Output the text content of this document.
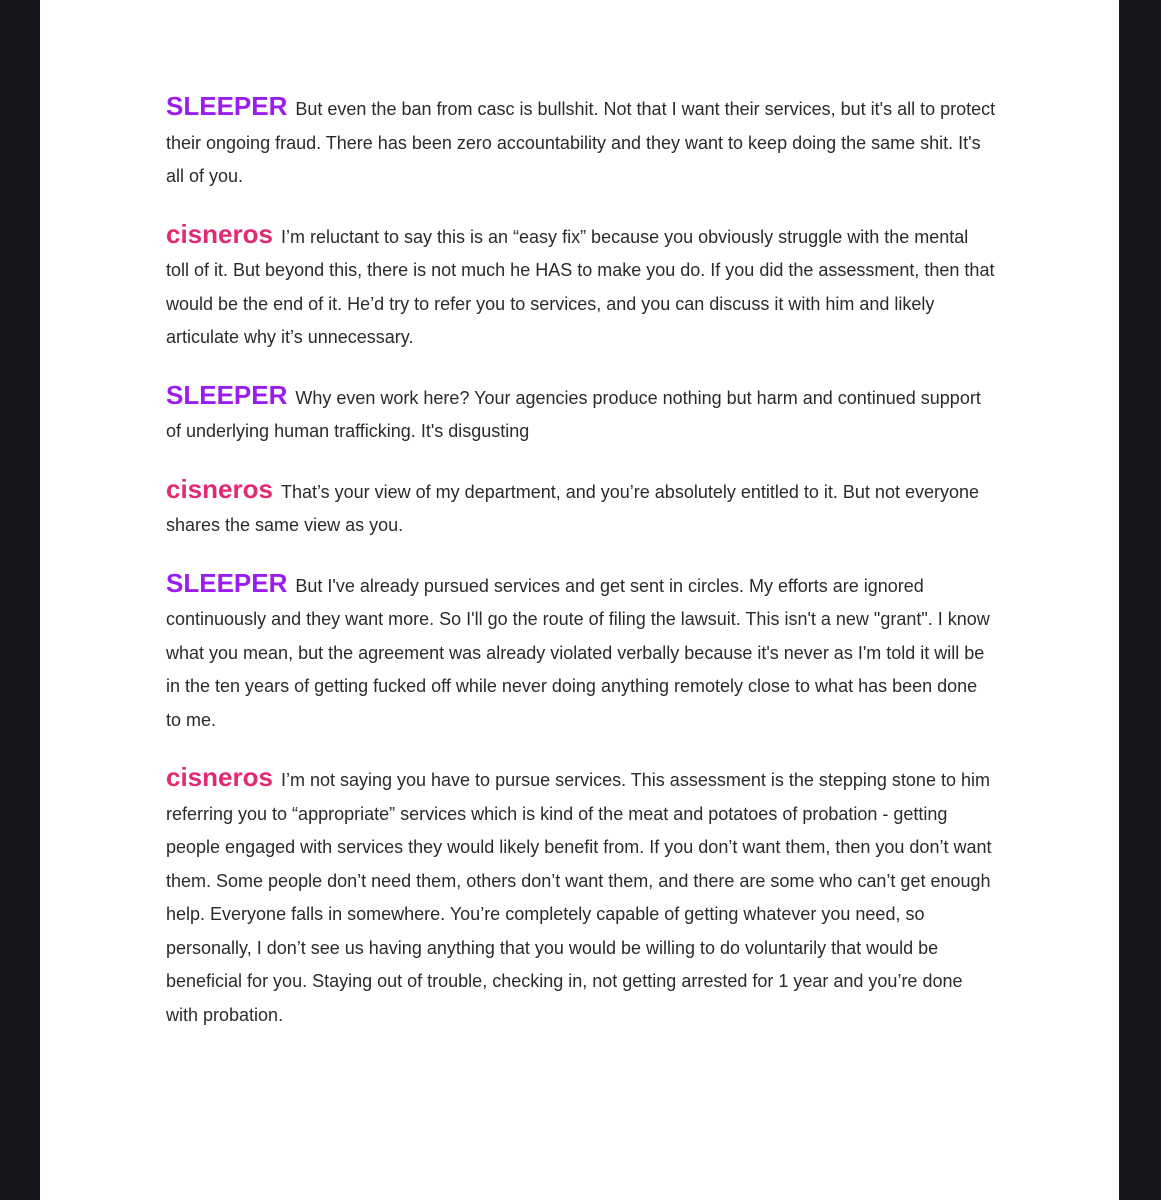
SLEEPER But even the ban from casc is bullshit. Not that I want their services, but it's all to protect their ongoing fraud. There has been zero accountability and they want to keep doing the same shit. It's all of you.

cisneros I’m reluctant to say this is an “easy fix” because you obviously struggle with the mental toll of it. But beyond this, there is not much he HAS to make you do. If you did the assessment, then that would be the end of it. He’d try to refer you to services, and you can discuss it with him and likely articulate why it’s unnecessary.

SLEEPER Why even work here? Your agencies produce nothing but harm and continued support of underlying human trafficking. It's disgusting

cisneros That’s your view of my department, and you’re absolutely entitled to it. But not everyone shares the same view as you.

SLEEPER But I've already pursued services and get sent in circles. My efforts are ignored continuously and they want more. So I'll go the route of filing the lawsuit. This isn't a new "grant". I know what you mean, but the agreement was already violated verbally because it's never as I'm told it will be in the ten years of getting fucked off while never doing anything remotely close to what has been done to me.

cisneros I’m not saying you have to pursue services. This assessment is the stepping stone to him referring you to “appropriate” services which is kind of the meat and potatoes of probation - getting people engaged with services they would likely benefit from. If you don’t want them, then you don’t want them. Some people don’t need them, others don’t want them, and there are some who can’t get enough help. Everyone falls in somewhere. You’re completely capable of getting whatever you need, so personally, I don’t see us having anything that you would be willing to do voluntarily that would be beneficial for you. Staying out of trouble, checking in, not getting arrested for 1 year and you’re done with probation.
